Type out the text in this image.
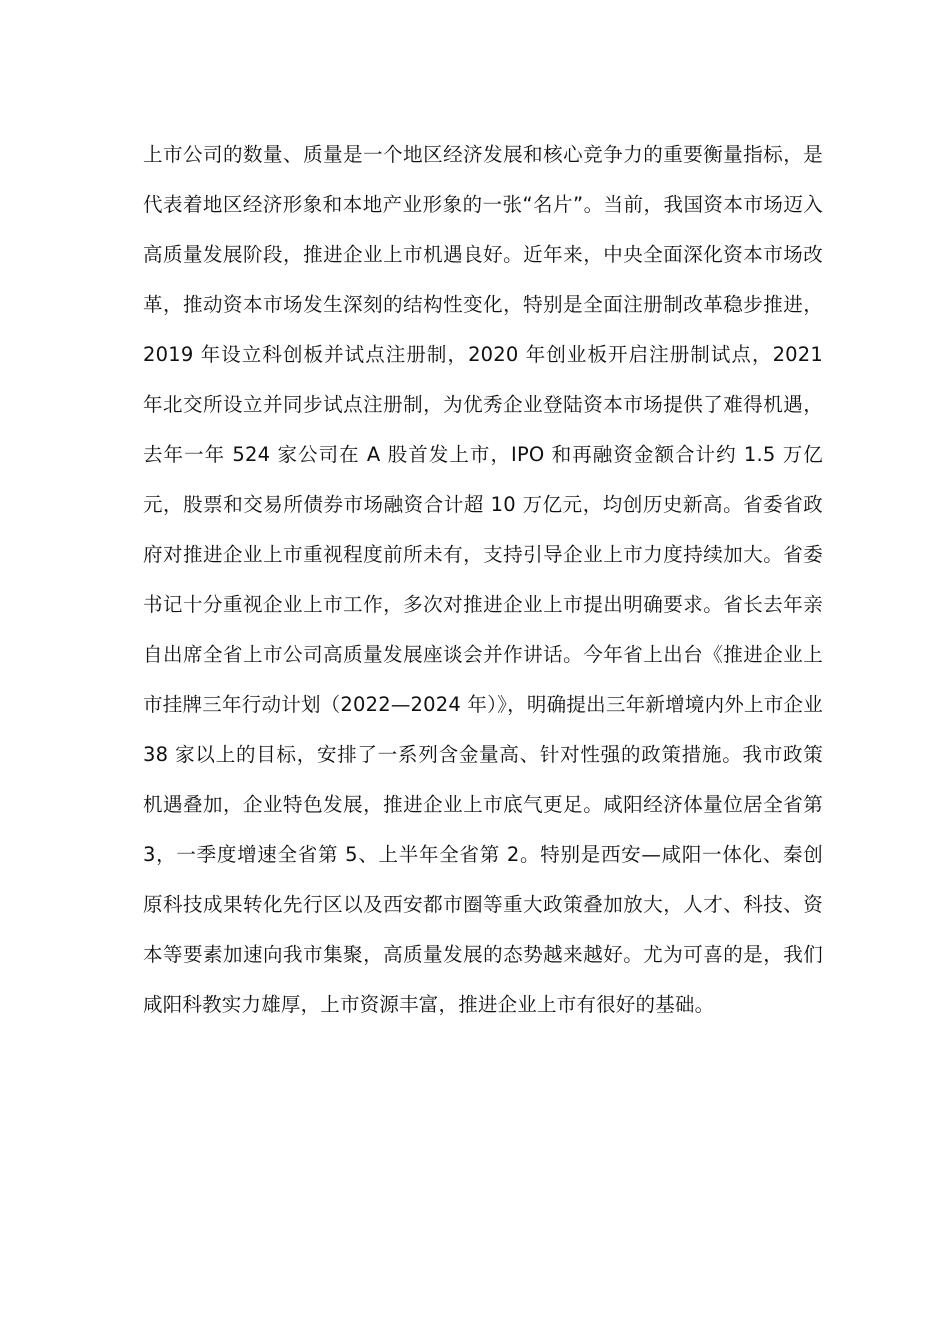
上市公司的数量、质量是一个地区经济发展和核心竞争力的重要衡量指标，是代表着地区经济形象和本地产业形象的一张“名片”。当前，我国资本市场迈入高质量发展阶段，推进企业上市机遇良好。近年来，中央全面深化资本市场改革，推动资本市场发生深刻的结构性变化，特别是全面注册制改革稳步推进，2019 年设立科创板并试点注册制，2020 年创业板开启注册制试点，2021 年北交所设立并同步试点注册制，为优秀企业登陆资本市场提供了难得机遇，去年一年 524 家公司在 A 股首发上市，IPO 和再融资金额合计约 1.5 万亿元，股票和交易所债券市场融资合计超 10 万亿元，均创历史新高。省委省政府对推进企业上市重视程度前所未有，支持引导企业上市力度持续加大。省委书记十分重视企业上市工作，多次对推进企业上市提出明确要求。省长去年亲自出席全省上市公司高质量发展座谈会并作讲话。今年省上出台《推进企业上市挂牌三年行动计划（2022—2024 年）》，明确提出三年新增境内外上市企业 38 家以上的目标，安排了一系列含金量高、针对性强的政策措施。我市政策机遇叠加，企业特色发展，推进企业上市底气更足。咸阳经济体量位居全省第 3，一季度增速全省第 5、上半年全省第 2。特别是西安—咸阳一体化、秦创原科技成果转化先行区以及西安都市圈等重大政策叠加放大，人才、科技、资本等要素加速向我市集聚，高质量发展的态势越来越好。尤为可喜的是，我们咸阳科教实力雄厚，上市资源丰富，推进企业上市有很好的基础。
